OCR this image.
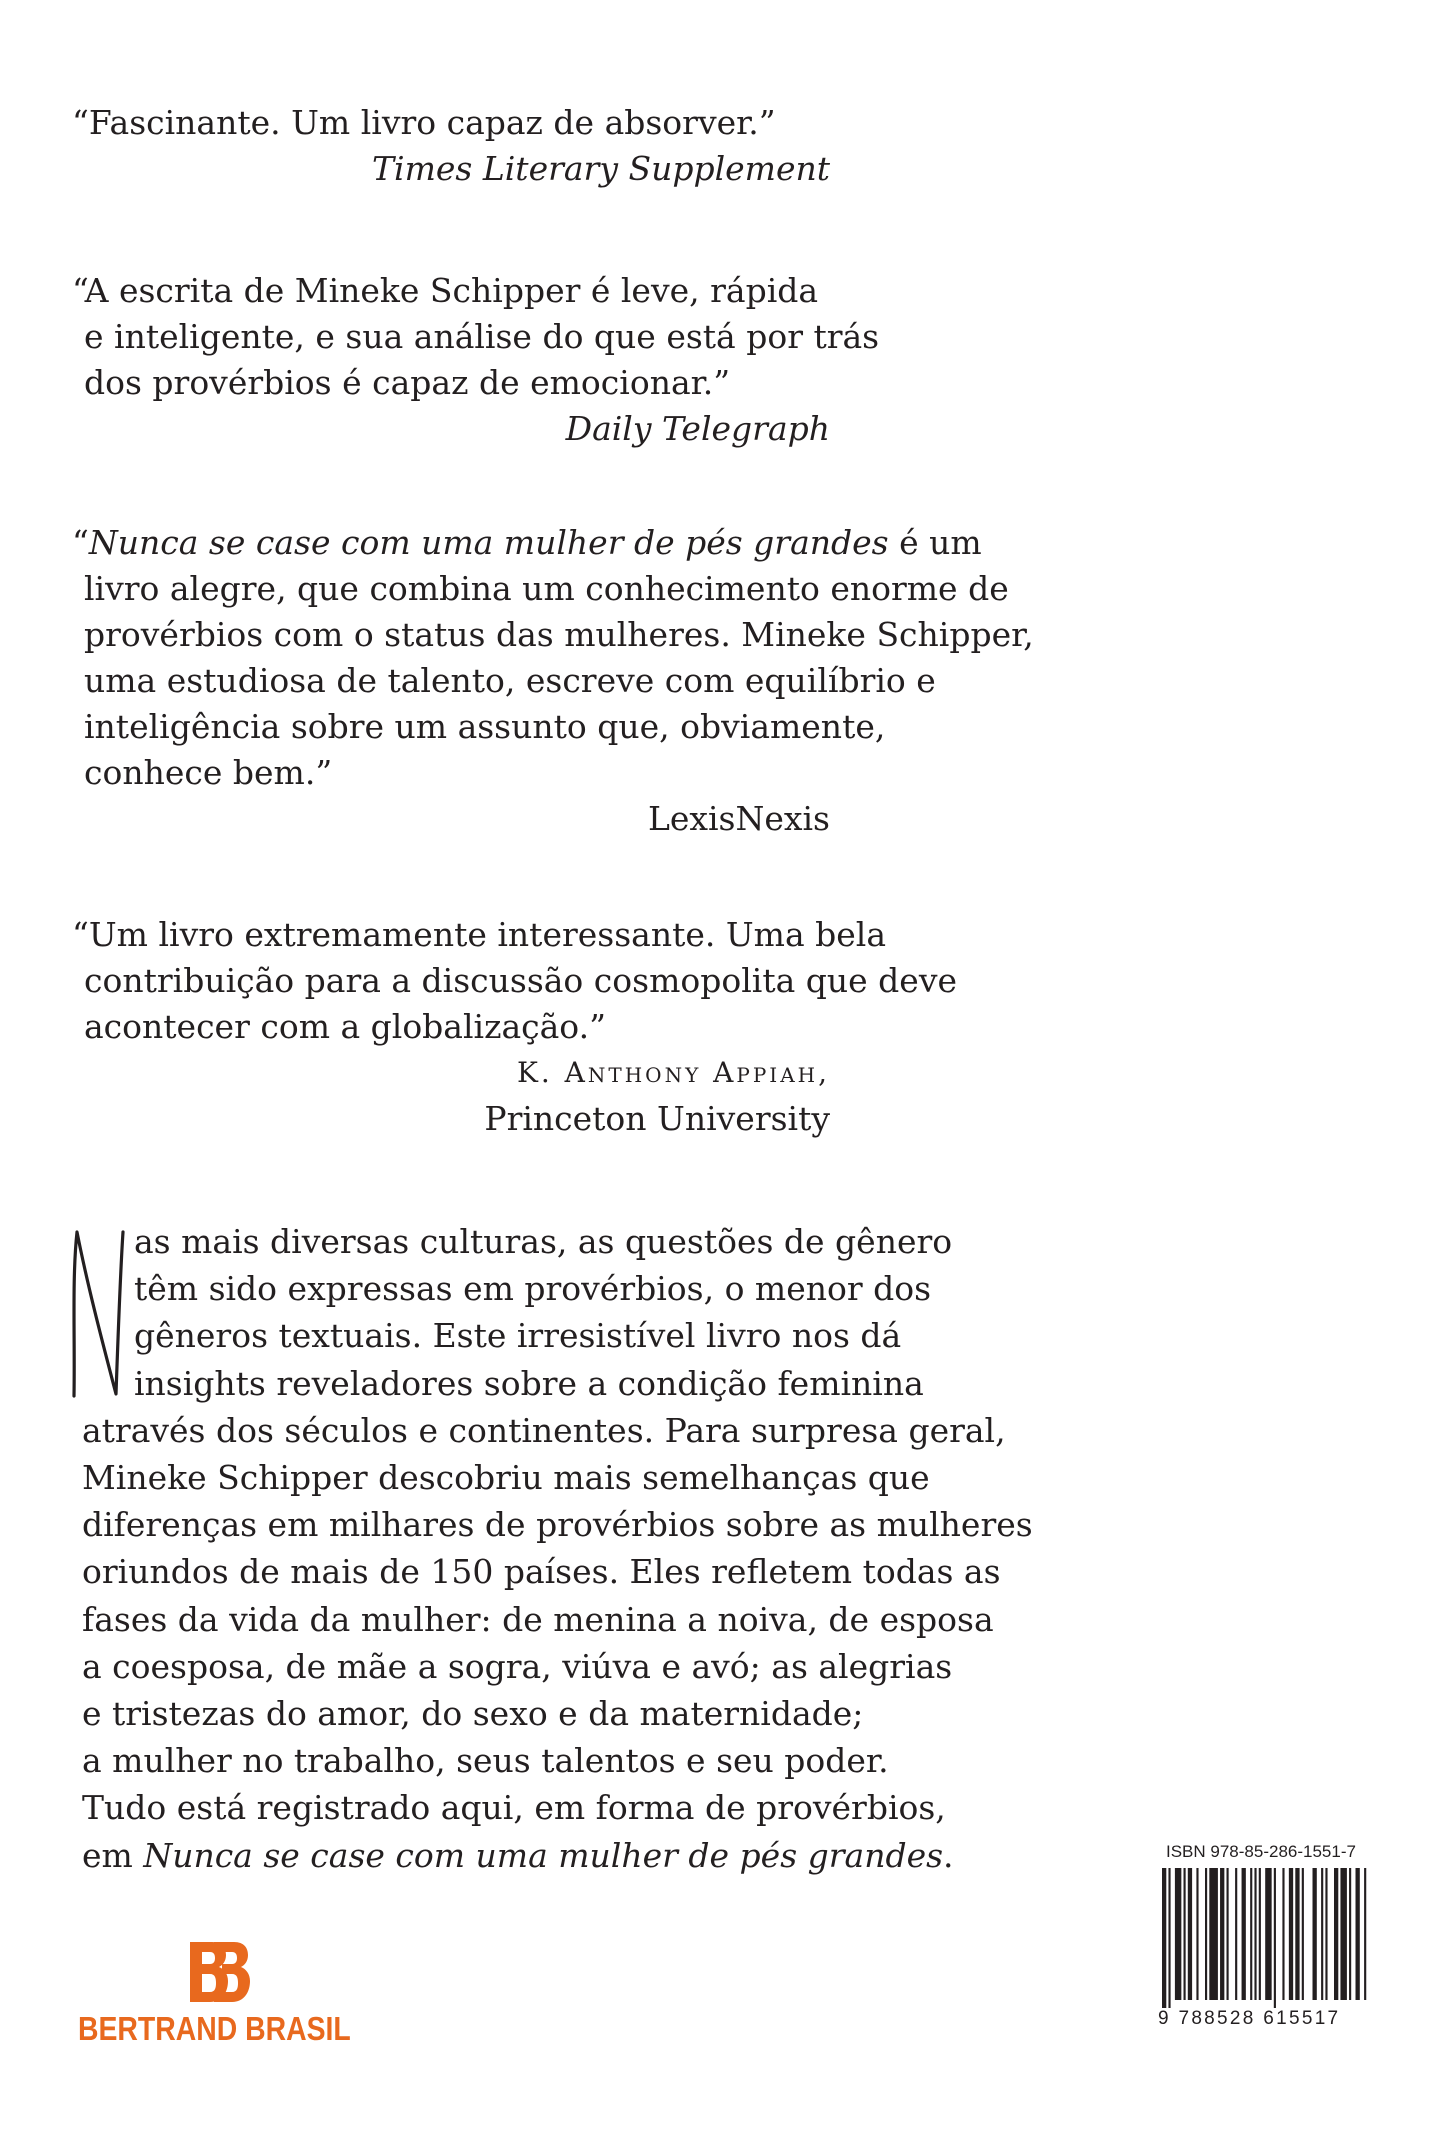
“Fascinante. Um livro capaz de absorver.”
Times Literary Supplement
“A escrita de Mineke Schipper é leve, rápida
e inteligente, e sua análise do que está por trás
dos provérbios é capaz de emocionar.”
Daily Telegraph
“Nunca se case com uma mulher de pés grandes é um
livro alegre, que combina um conhecimento enorme de
provérbios com o status das mulheres. Mineke Schipper,
uma estudiosa de talento, escreve com equilíbrio e
inteligência sobre um assunto que, obviamente,
conhece bem.”
LexisNexis
“Um livro extremamente interessante. Uma bela
contribuição para a discussão cosmopolita que deve
acontecer com a globalização.”
K. Anthony Appiah,
Princeton University
as mais diversas culturas, as questões de gênero
têm sido expressas em provérbios, o menor dos
gêneros textuais. Este irresistível livro nos dá
insights reveladores sobre a condição feminina
através dos séculos e continentes. Para surpresa geral,
Mineke Schipper descobriu mais semelhanças que
diferenças em milhares de provérbios sobre as mulheres
oriundos de mais de 150 países. Eles refletem todas as
fases da vida da mulher: de menina a noiva, de esposa
a coesposa, de mãe a sogra, viúva e avó; as alegrias
e tristezas do amor, do sexo e da maternidade;
a mulher no trabalho, seus talentos e seu poder.
Tudo está registrado aqui, em forma de provérbios,
em Nunca se case com uma mulher de pés grandes.
BERTRAND BRASIL
ISBN 978-85-286-1551-7
9 788528 615517
